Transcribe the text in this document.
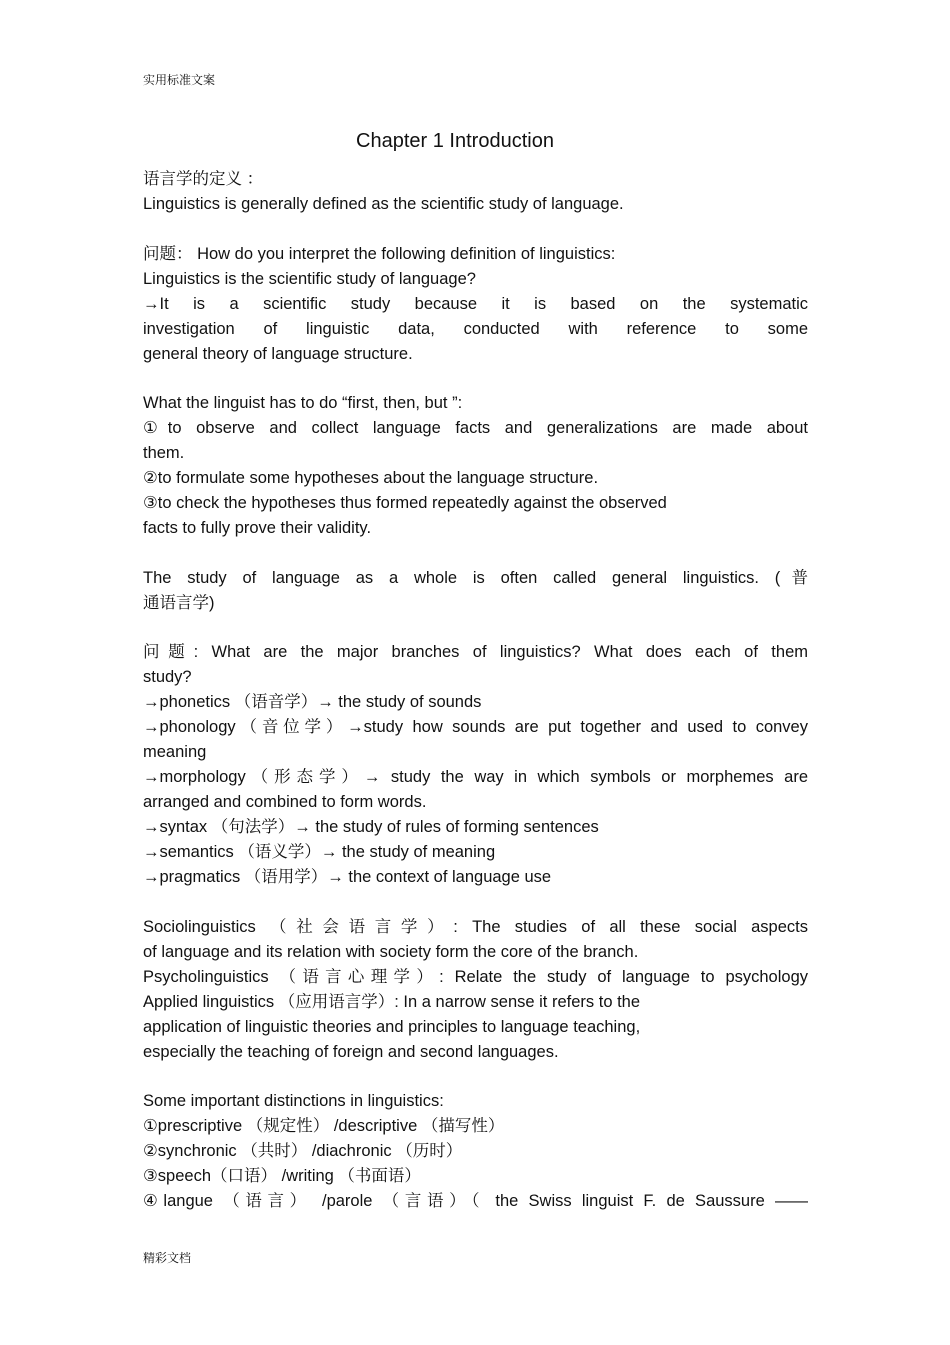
实用标准文案
Chapter 1 Introduction
语言学的定义 ：
Linguistics is generally defined as the scientific study of language.
问题： How do you interpret the following definition of linguistics:
Linguistics is the scientific study of language?
→It is a scientific study because it is based on the systematic
investigation of linguistic data, conducted with reference to some
general theory of language structure.
What the linguist has to do “first, then, but ”:
①to observe and collect language facts and generalizations are made about
them.
②to formulate some hypotheses about the language structure.
③to check the hypotheses thus formed repeatedly against the observed
facts to fully prove their validity.
The study of language as a whole is often called general linguistics. (普
通语言学)
问题: What are the major branches of linguistics? What does each of them
study?
→phonetics （语音学）→ the study of sounds
→phonology（音位学）→study how sounds are put together and used to convey
meaning
→morphology（形态学）→ study the way in which symbols or morphemes are
arranged and combined to form words.
→syntax （句法学）→ the study of rules of forming sentences
→semantics （语义学）→ the study of meaning
→pragmatics （语用学）→ the context of language use
Sociolinguistics （社会语言学）: The studies of all these social aspects
of language and its relation with society form the core of the branch.
Psycholinguistics （语言心理学）: Relate the study of language to psychology
Applied linguistics （应用语言学）: In a narrow sense it refers to the
application of linguistic theories and principles to language teaching,
especially the teaching of foreign and second languages.
Some important distinctions in linguistics:
①prescriptive （规定性） /descriptive （描写性）
②synchronic （共时） /diachronic （历时）
③speech（口语） /writing （书面语）
④langue （语言） /parole （言语）（ the Swiss linguist F. de Saussure ——
精彩文档
